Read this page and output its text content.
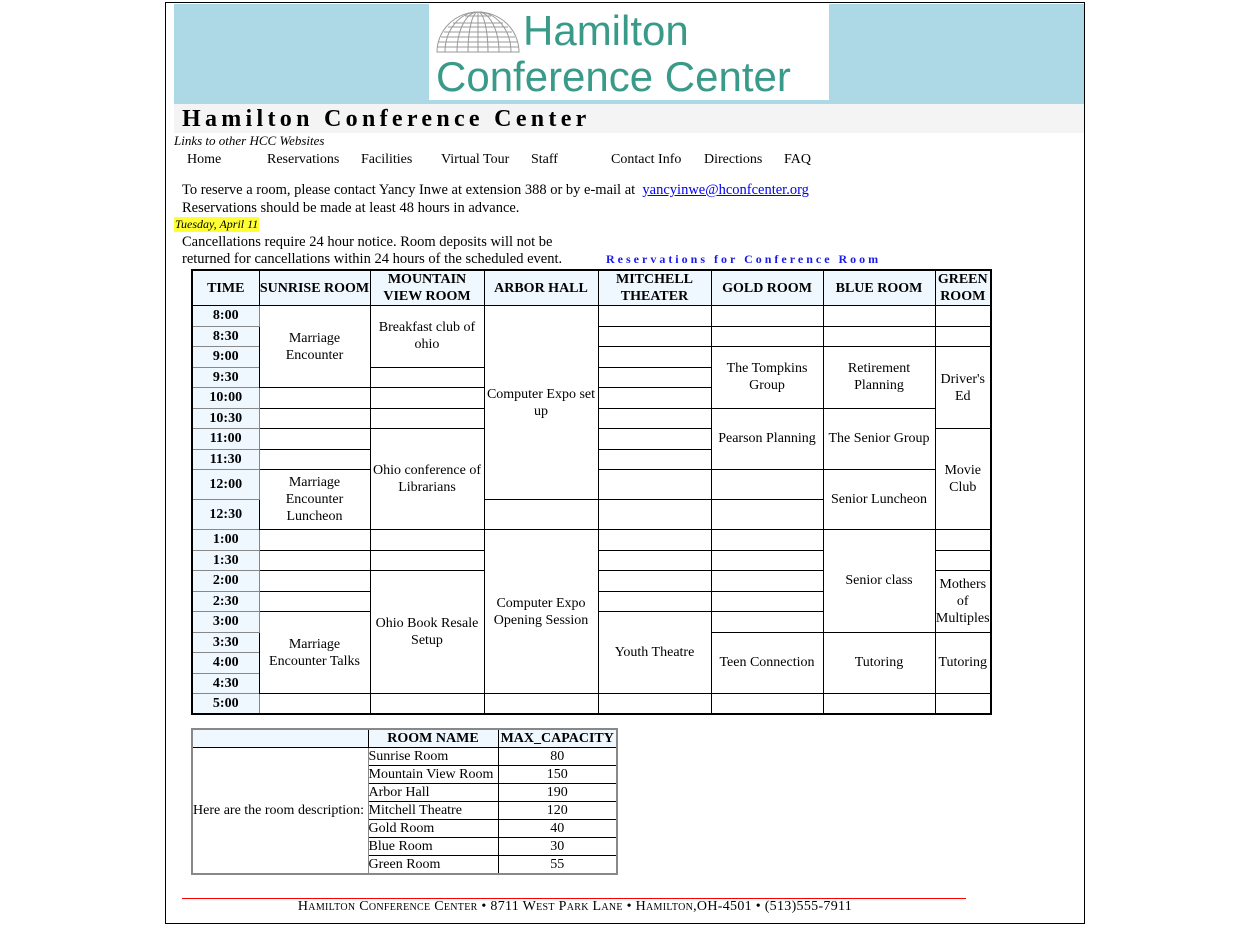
Hamilton
Conference Center
Hamilton Conference Center
Links to other HCC Websites
Home	Reservations Facilities Virtual Tour Staff	Contact Info Directions FAQ
To reserve a room, please contact Yancy Inwe at extension 388 or by e-mail at yancyinwe@hconfcenter.org
Reservations should be made at least 48 hours in advance.
Tuesday, April 11
Cancellations require 24 hour notice. Room deposits will not be
returned for cancellations within 24 hours of the scheduled event.	Reservations for Conference Room
TIME	SUNRISE ROOM	MOUNTAIN VIEW ROOM	ARBOR HALL	MITCHELL THEATER	GOLD ROOM	BLUE ROOM	GREEN ROOM
8:00	Marriage Encounter	Breakfast club of ohio	Computer Expo set up				
8:30							
9:00					The Tompkins Group	Retirement Planning	Driver's Ed
9:30							
10:00							
10:30					Pearson Planning	The Senior Group	
11:00		Ohio conference of Librarians					Movie Club
11:30							
12:00	Marriage Encounter Luncheon					Senior Luncheon	
12:30							
1:00			Computer Expo Opening Session			Senior class	
1:30							
2:00		Ohio Book Resale Setup					Mothers of Multiples
2:30							
3:00	Marriage Encounter Talks			Youth Theatre			
3:30					Teen Connection	Tutoring	Tutoring
4:00							
4:30							
5:00							
	ROOM NAME	MAX_CAPACITY
Here are the room description:	Sunrise Room	80
	Mountain View Room	150
	Arbor Hall	190
	Mitchell Theatre	120
	Gold Room	40
	Blue Room	30
	Green Room	55
Hamilton Conference Center • 8711 West Park Lane • Hamilton,OH-4501 • (513)555-7911
